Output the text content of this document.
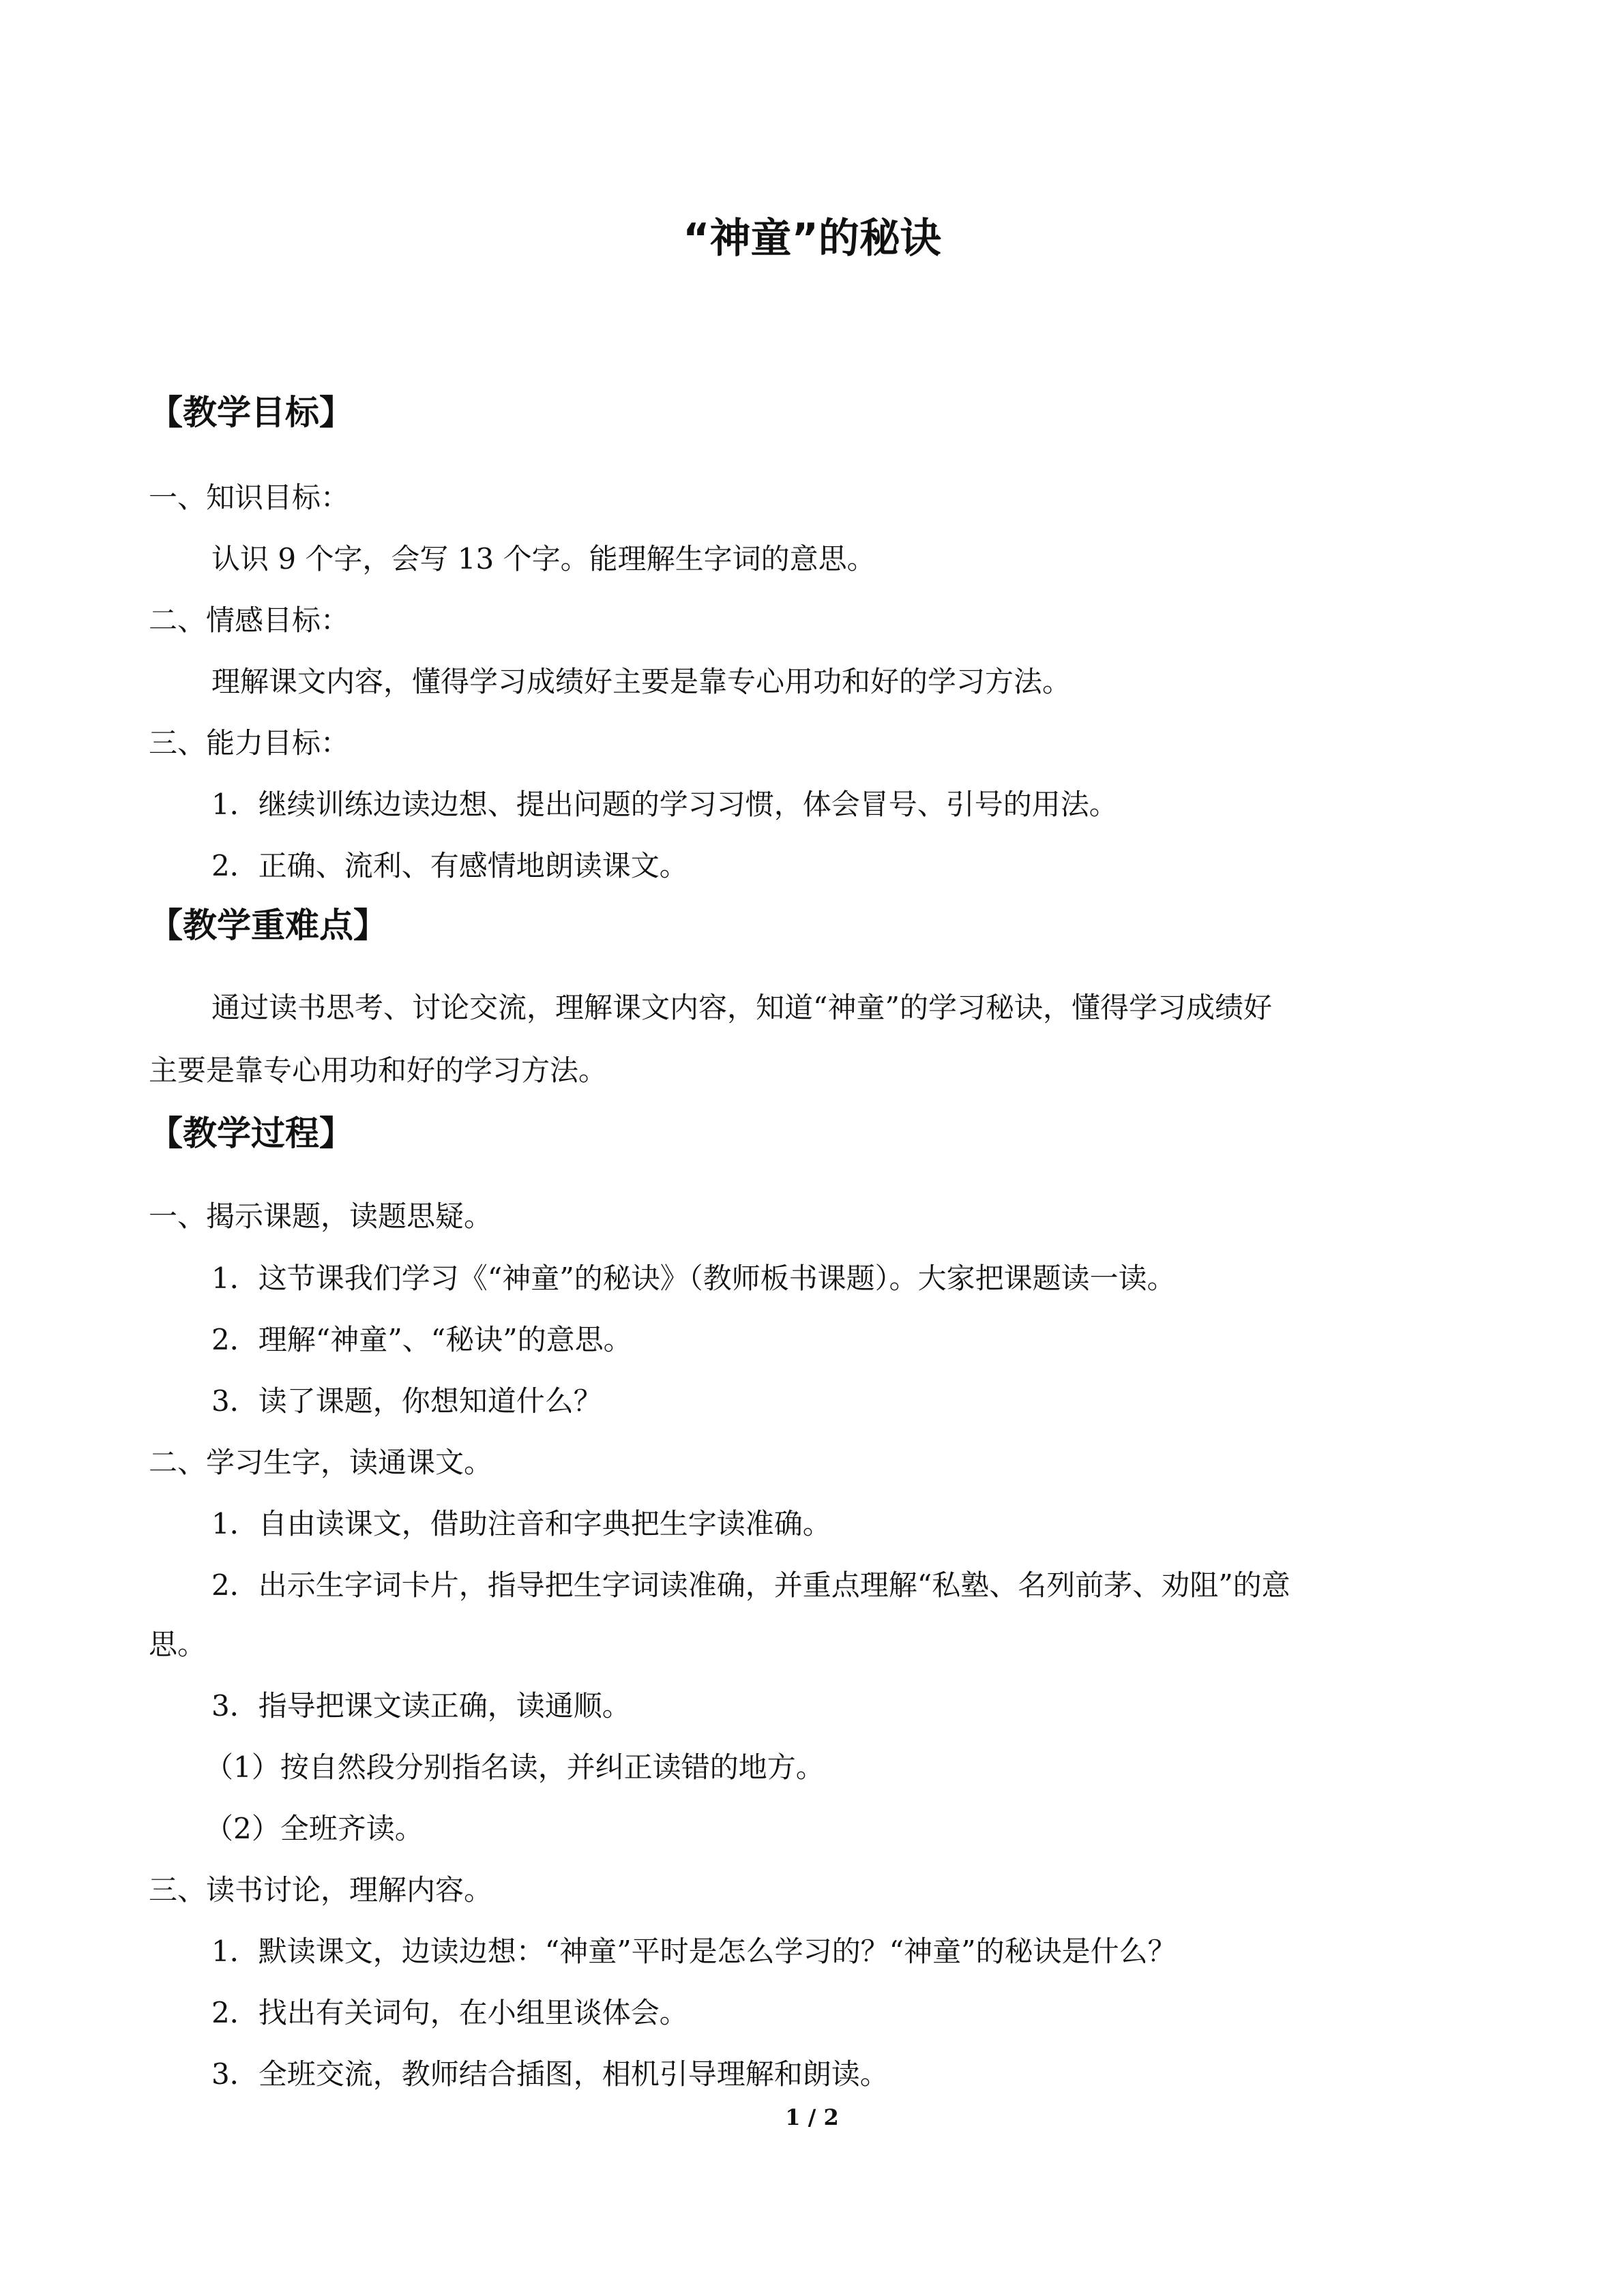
“神童”的秘诀
【教学目标】

一、知识目标：

认识 9 个字，会写 13 个字。能理解生字词的意思。

二、情感目标：

理解课文内容，懂得学习成绩好主要是靠专心用功和好的学习方法。

三、能力目标：

1．继续训练边读边想、提出问题的学习习惯，体会冒号、引号的用法。

2．正确、流利、有感情地朗读课文。

【教学重难点】

通过读书思考、讨论交流，理解课文内容，知道“神童”的学习秘诀，懂得学习成绩好

主要是靠专心用功和好的学习方法。

【教学过程】

一、揭示课题，读题思疑。

1．这节课我们学习《“神童”的秘诀》（教师板书课题）。大家把课题读一读。

2．理解“神童”、“秘诀”的意思。

3．读了课题，你想知道什么？

二、学习生字，读通课文。

1．自由读课文，借助注音和字典把生字读准确。

2．出示生字词卡片，指导把生字词读准确，并重点理解“私塾、名列前茅、劝阻”的意

思。

3．指导把课文读正确，读通顺。

（1）按自然段分别指名读，并纠正读错的地方。

（2）全班齐读。

三、读书讨论，理解内容。

1．默读课文，边读边想：“神童”平时是怎么学习的？“神童”的秘诀是什么？

2．找出有关词句，在小组里谈体会。

3．全班交流，教师结合插图，相机引导理解和朗读。

1 / 2
